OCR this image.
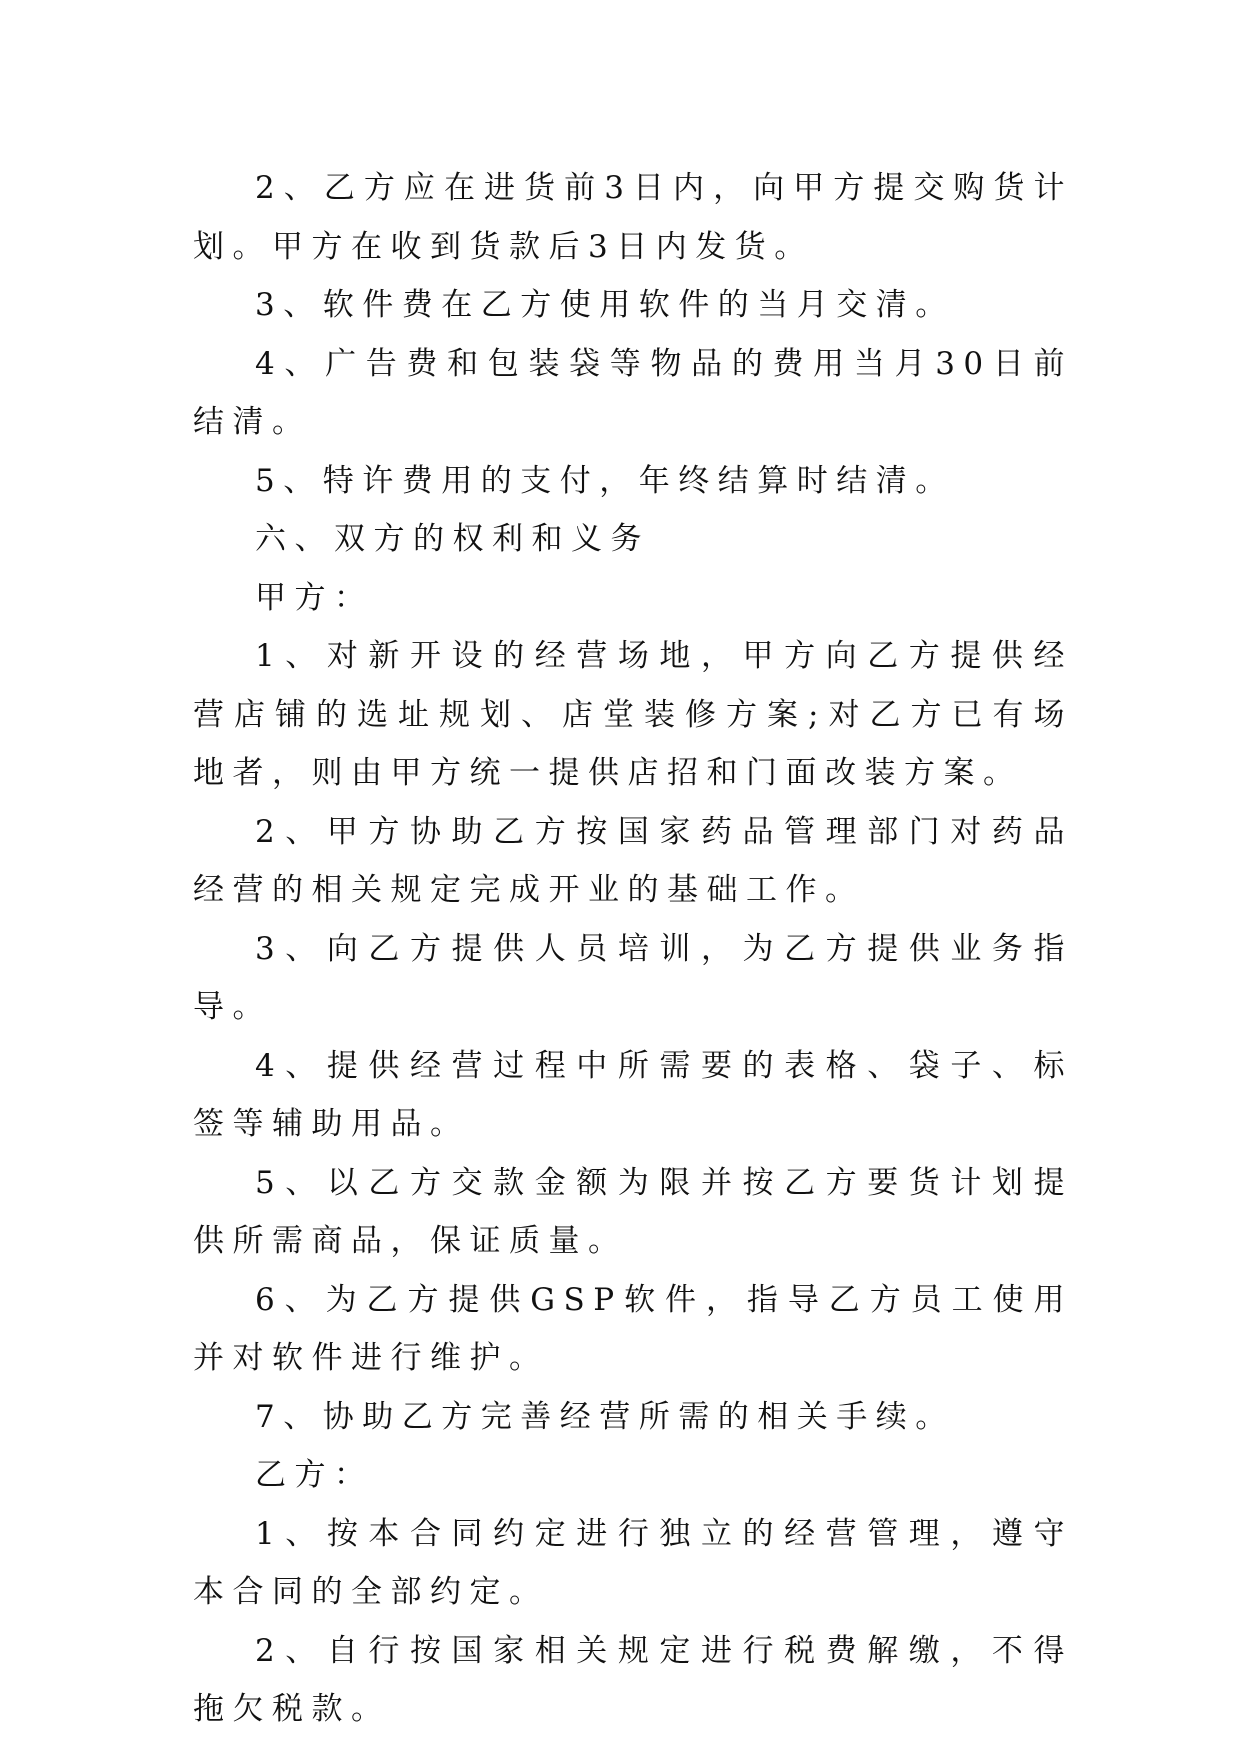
2、乙方应在进货前3日内，向甲方提交购货计划。甲方在收到货款后3日内发货。

3、软件费在乙方使用软件的当月交清。

4、广告费和包装袋等物品的费用当月30日前结清。

5、特许费用的支付，年终结算时结清。

六、双方的权利和义务

甲方：

1、对新开设的经营场地，甲方向乙方提供经营店铺的选址规划、店堂装修方案;对乙方已有场地者，则由甲方统一提供店招和门面改装方案。

2、甲方协助乙方按国家药品管理部门对药品经营的相关规定完成开业的基础工作。

3、向乙方提供人员培训，为乙方提供业务指导。

4、提供经营过程中所需要的表格、袋子、标签等辅助用品。

5、以乙方交款金额为限并按乙方要货计划提供所需商品，保证质量。

6、为乙方提供GSP软件，指导乙方员工使用并对软件进行维护。

7、协助乙方完善经营所需的相关手续。

乙方：

1、按本合同约定进行独立的经营管理，遵守本合同的全部约定。

2、自行按国家相关规定进行税费解缴，不得拖欠税款。
